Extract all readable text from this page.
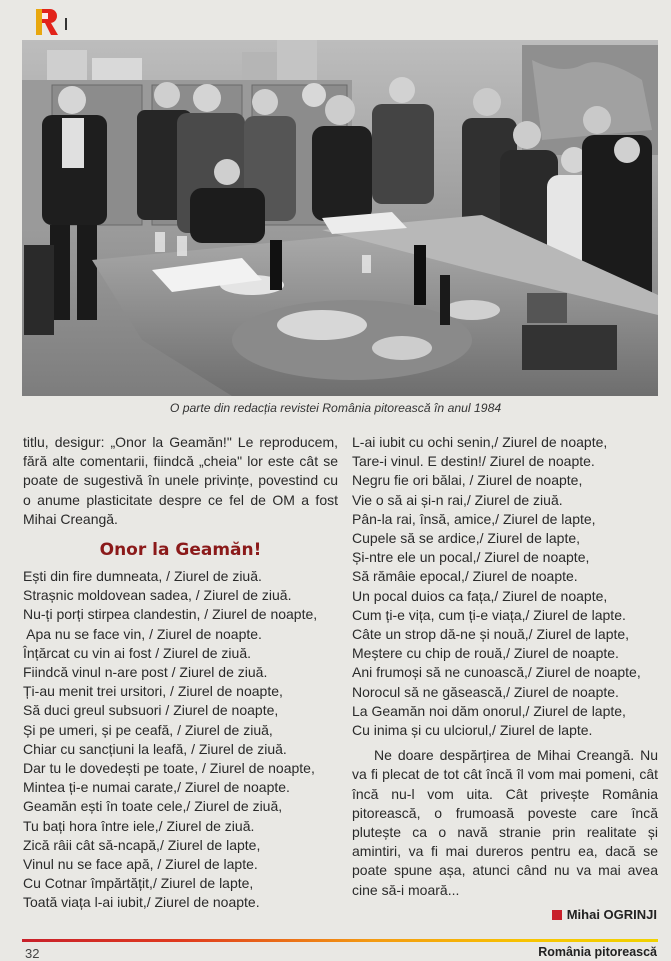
O parte din redacția revistei România pitorească în anul 1984

titlu, desigur: „Onor la Geamăn!" Le reproducem, fără alte comentarii, fiindcă „cheia" lor este cât se poate de sugestivă în unele privințe, povestind cu o anume plasticitate despre ce fel de OM a fost Mihai Creangă.

Onor la Geamăn!

Ești din fire dumneata, / Ziurel de ziuă.

Strașnic moldovean sadea, / Ziurel de ziuă.

Nu-ți porți stirpea clandestin, / Ziurel de noapte,

Apa nu se face vin, / Ziurel de noapte.

Înțărcat cu vin ai fost / Ziurel de ziuă.

Fiindcă vinul n-are post / Ziurel de ziuă.

Ți-au menit trei ursitori, / Ziurel de noapte,

Să duci greul subsuori / Ziurel de noapte,

Și pe umeri, și pe ceafă, / Ziurel de ziuă,

Chiar cu sancțiuni la leafă, / Ziurel de ziuă.

Dar tu le dovedești pe toate, / Ziurel de noapte,

Mintea ți-e numai carate,/ Ziurel de noapte.

Geamăn ești în toate cele,/ Ziurel de ziuă,

Tu bați hora între iele,/ Ziurel de ziuă.

Zică râii cât să-ncapă,/ Ziurel de lapte,

Vinul nu se face apă, / Ziurel de lapte.

Cu Cotnar împărtățit,/ Ziurel de lapte,

Toată viața l-ai iubit,/ Ziurel de noapte.

L-ai iubit cu ochi senin,/ Ziurel de noapte,

Tare-i vinul. E destin!/ Ziurel de noapte.

Negru fie ori bălai, / Ziurel de noapte,

Vie o să ai și-n rai,/ Ziurel de ziuă.

Pân-la rai, însă, amice,/ Ziurel de lapte,

Cupele să se ardice,/ Ziurel de lapte,

Și-ntre ele un pocal,/ Ziurel de noapte,

Să rămâie epocal,/ Ziurel de noapte.

Un pocal duios ca fața,/ Ziurel de noapte,

Cum ți-e vița, cum ți-e viața,/ Ziurel de lapte.

Câte un strop dă-ne și nouă,/ Ziurel de lapte,

Meștere cu chip de rouă,/ Ziurel de noapte.

Ani frumoși să ne cunoască,/ Ziurel de noapte,

Norocul să ne găsească,/ Ziurel de noapte.

La Geamăn noi dăm onorul,/ Ziurel de lapte,

Cu inima și cu ulciorul,/ Ziurel de lapte.

Ne doare despărțirea de Mihai Creangă. Nu va fi plecat de tot cât încă îl vom mai pomeni, cât încă nu-l vom uita. Cât privește România pitorească, o frumoasă poveste care încă plutește ca o navă stranie prin realitate și amintiri, va fi mai dureros pentru ea, dacă se poate spune așa, atunci când nu va mai avea cine să-i moară...

Mihai OGRINJI
32	România pitorească
